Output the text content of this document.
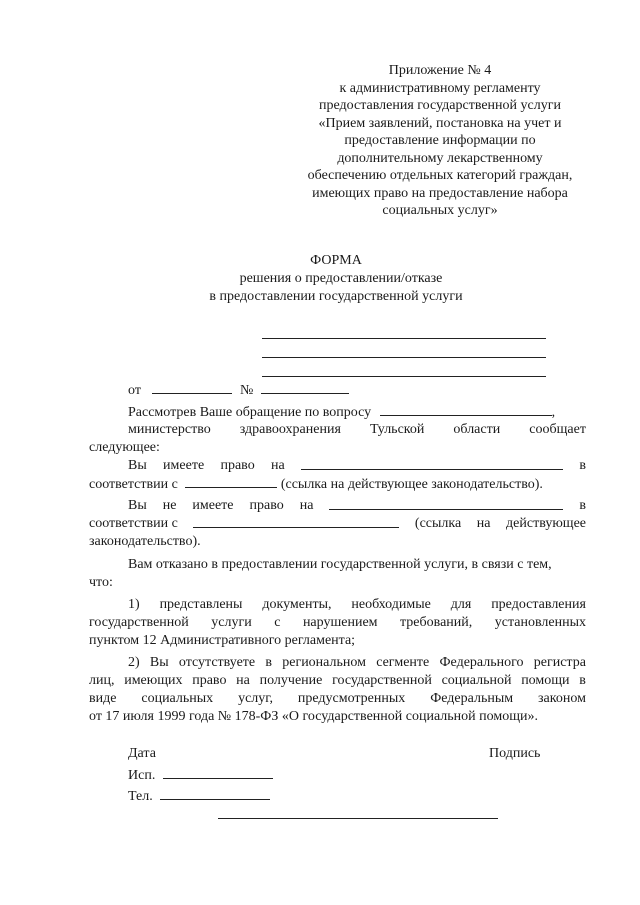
Приложение № 4
к административному регламенту
предоставления государственной услуги
«Прием заявлений, постановка на учет и
предоставление информации по
дополнительному лекарственному
обеспечению отдельных категорий граждан,
имеющих право на предоставление набора
социальных услуг»
ФОРМА
решения о предоставлении/отказе
в предоставлении государственной услуги
от	№
Рассмотрев Ваше обращение по вопросу	,
министерство здравоохранения Тульской области сообщает
следующее:
Вы имеете право на	в
соответствии с	(ссылка на действующее законодательство).
Вы не имеете право на	в
соответствии с	(ссылка на действующее
законодательство).
Вам отказано в предоставлении государственной услуги, в связи с тем,
что:
1) представлены документы, необходимые для предоставления
государственной услуги с нарушением требований, установленных
пунктом 12 Административного регламента;
2) Вы отсутствуете в региональном сегменте Федерального регистра
лиц, имеющих право на получение государственной социальной помощи в
виде социальных услуг, предусмотренных Федеральным законом
от 17 июля 1999 года № 178-ФЗ «О государственной социальной помощи».
Дата	Подпись
Исп.
Тел.
